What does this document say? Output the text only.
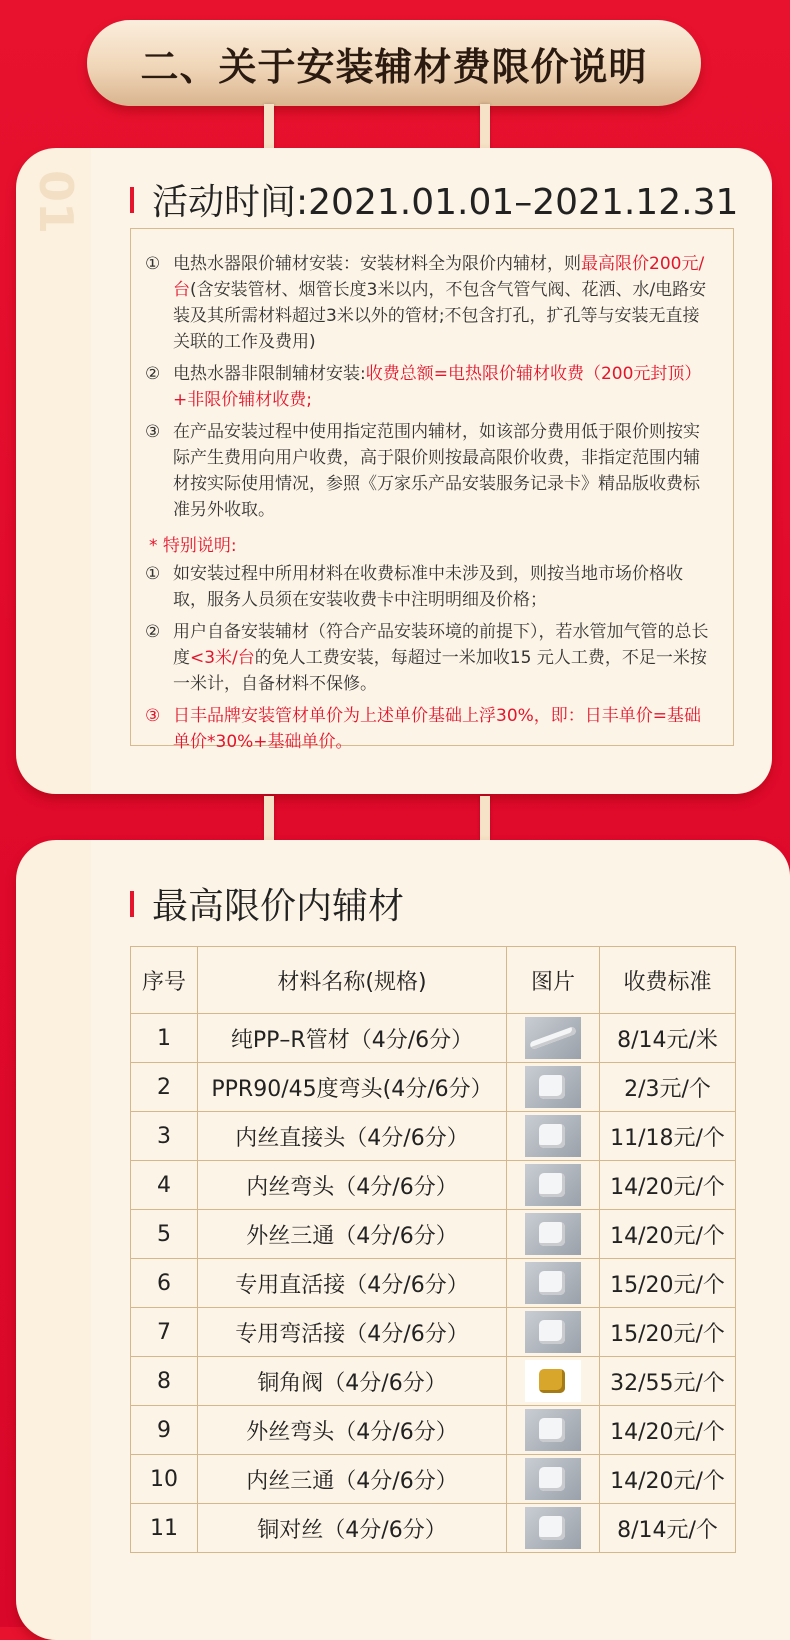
二、关于安装辅材费限价说明
01 活动时间:2021.01.01–2021.12.31
① 电热水器限价辅材安装：安装材料全为限价内辅材，则最高限价200元/台(含安装管材、烟管长度3米以内，不包含气管气阀、花洒、水/电路安装及其所需材料超过3米以外的管材;不包含打孔，扩孔等与安装无直接关联的工作及费用)
② 电热水器非限制辅材安装:收费总额=电热限价辅材收费（200元封顶）+非限价辅材收费;
③ 在产品安装过程中使用指定范围内辅材，如该部分费用低于限价则按实际产生费用向用户收费，高于限价则按最高限价收费，非指定范围内辅材按实际使用情况，参照《万家乐产品安装服务记录卡》精品版收费标准另外收取。
* 特别说明:
① 如安装过程中所用材料在收费标准中未涉及到，则按当地市场价格收取，服务人员须在安装收费卡中注明明细及价格；
② 用户自备安装辅材（符合产品安装环境的前提下），若水管加气管的总长度<3米/台的免人工费安装，每超过一米加收15 元人工费，不足一米按一米计，自备材料不保修。
③ 日丰品牌安装管材单价为上述单价基础上浮30%，即：日丰单价=基础单价*30%+基础单价。
最高限价内辅材
序号	材料名称(规格)	图片	收费标准
1	纯PP–R管材（4分/6分）		8/14元/米
2	PPR90/45度弯头(4分/6分）		2/3元/个
3	内丝直接头（4分/6分）		11/18元/个
4	内丝弯头（4分/6分）		14/20元/个
5	外丝三通（4分/6分）		14/20元/个
6	专用直活接（4分/6分）		15/20元/个
7	专用弯活接（4分/6分）		15/20元/个
8	铜角阀（4分/6分）		32/55元/个
9	外丝弯头（4分/6分）		14/20元/个
10	内丝三通（4分/6分）		14/20元/个
11	铜对丝（4分/6分）		8/14元/个
